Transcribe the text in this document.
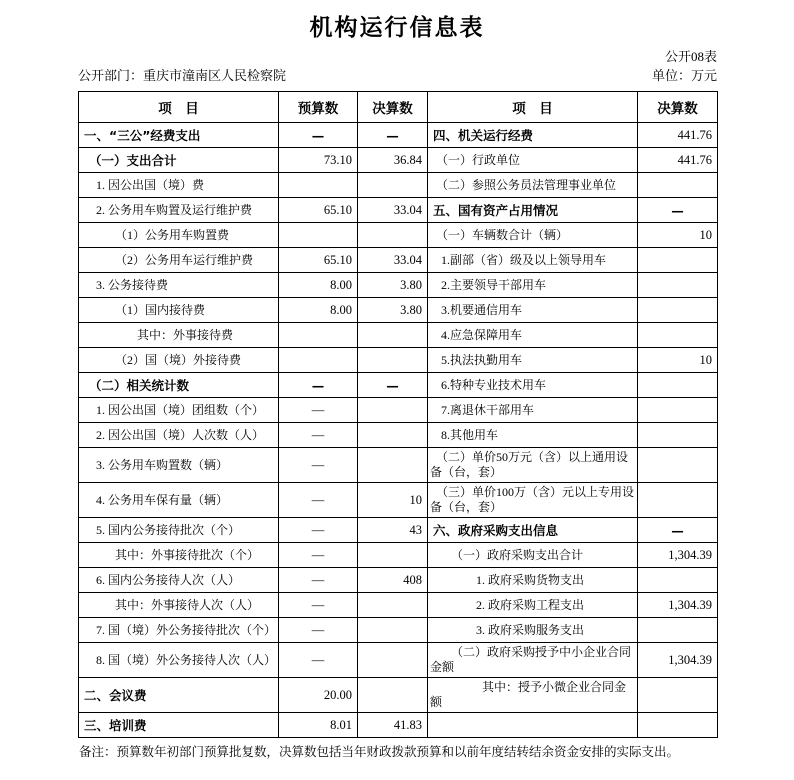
机构运行信息表
公开08表
公开部门：重庆市潼南区人民检察院	单位：万元
项　目	预算数	决算数	项　目	决算数

一、“三公”经费支出	—	—	四、机关运行经费	441.76

（一）支出合计	73.10	36.84	（一）行政单位	441.76

1. 因公出国（境）费			（二）参照公务员法管理事业单位	

2. 公务用车购置及运行维护费	65.10	33.04	五、国有资产占用情况	—

（1）公务用车购置费			（一）车辆数合计（辆）	10

（2）公务用车运行维护费	65.10	33.04	1.副部（省）级及以上领导用车	

3. 公务接待费	8.00	3.80	2.主要领导干部用车	

（1）国内接待费	8.00	3.80	3.机要通信用车	

其中：外事接待费			4.应急保障用车	

（2）国（境）外接待费			5.执法执勤用车	10

（二）相关统计数	—	—	6.特种专业技术用车	

1. 因公出国（境）团组数（个）	—		7.离退休干部用车	

2. 因公出国（境）人次数（人）	—		8.其他用车	

3. 公务用车购置数（辆）	—		（二）单价50万元（含）以上通用设备（台，套）	

4. 公务用车保有量（辆）	—	10	（三）单价100万（含）元以上专用设备（台，套）	

5. 国内公务接待批次（个）	—	43	六、政府采购支出信息	—

其中：外事接待批次（个）	—		（一）政府采购支出合计	1,304.39

6. 国内公务接待人次（人）	—	408	1. 政府采购货物支出	

其中：外事接待人次（人）	—		2. 政府采购工程支出	1,304.39

7. 国（境）外公务接待批次（个）	—		3. 政府采购服务支出	

8. 国（境）外公务接待人次（人）	—		（二）政府采购授予中小企业合同金额	1,304.39

二、会议费	20.00		其中：授予小微企业合同金额	

三、培训费	8.01	41.83	

备注：预算数年初部门预算批复数，决算数包括当年财政拨款预算和以前年度结转结余资金安排的实际支出。
